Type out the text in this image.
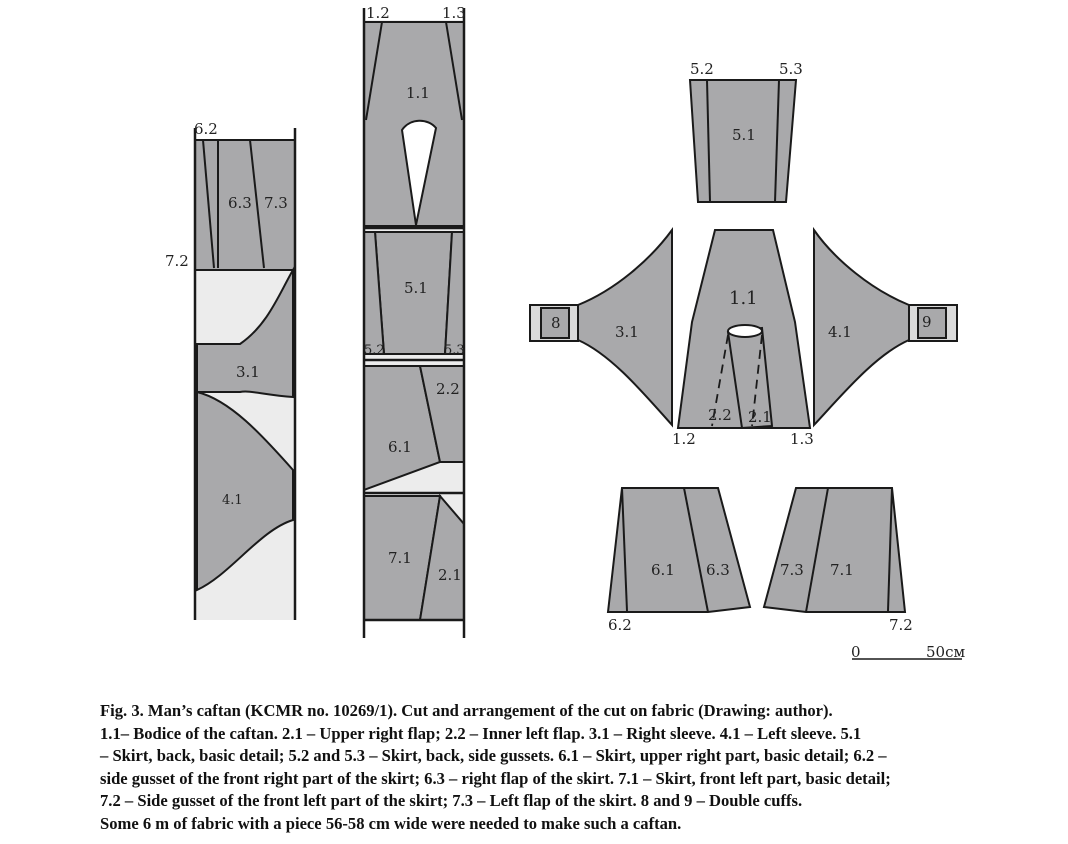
6.2
6.3 7.3
7.2
3.1
4.1
1.2	1.3
1.1
5.1
5.2	5.3
2.2
6.1
7.1
2.1
5.2	5.3
5.1
8	3.1
9
4.1
1.1
2.2 2.1
1.2	1.3
6.1 6.3
6.2
7.3 7.1
7.2
0	50см
Fig. 3. Man’s caftan (KCMR no. 10269/1). Cut and arrangement of the cut on fabric (Drawing: author).
1.1– Bodice of the caftan. 2.1 – Upper right flap; 2.2 – Inner left flap. 3.1 – Right sleeve. 4.1 – Left sleeve. 5.1
– Skirt, back, basic detail; 5.2 and 5.3 – Skirt, back, side gussets. 6.1 – Skirt, upper right part, basic detail; 6.2 –
side gusset of the front right part of the skirt; 6.3 – right flap of the skirt. 7.1 – Skirt, front left part, basic detail;
7.2 – Side gusset of the front left part of the skirt; 7.3 – Left flap of the skirt. 8 and 9 – Double cuffs.
Some 6 m of fabric with a piece 56-58 cm wide were needed to make such a caftan.
